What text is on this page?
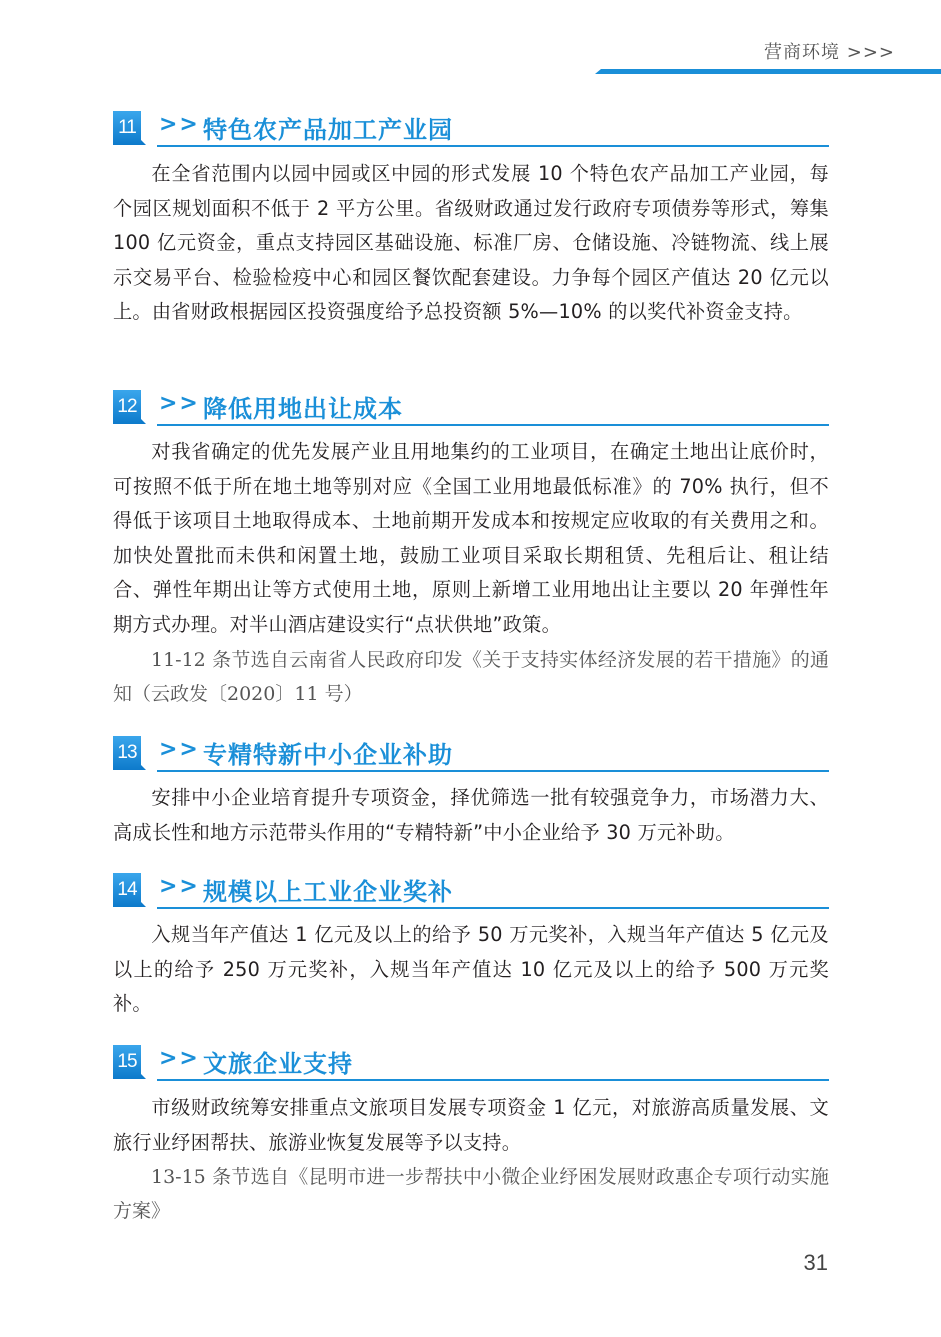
营商环境 >>>
11 >> 特色农产品加工产业园

在全省范围内以园中园或区中园的形式发展 10 个特色农产品加工产业园，每个园区规划面积不低于 2 平方公里。省级财政通过发行政府专项债券等形式，筹集 100 亿元资金，重点支持园区基础设施、标准厂房、仓储设施、冷链物流、线上展示交易平台、检验检疫中心和园区餐饮配套建设。力争每个园区产值达 20 亿元以上。由省财政根据园区投资强度给予总投资额 5%—10% 的以奖代补资金支持。

12 >> 降低用地出让成本

对我省确定的优先发展产业且用地集约的工业项目，在确定土地出让底价时，可按照不低于所在地土地等别对应《全国工业用地最低标准》的 70% 执行，但不得低于该项目土地取得成本、土地前期开发成本和按规定应收取的有关费用之和。加快处置批而未供和闲置土地，鼓励工业项目采取长期租赁、先租后让、租让结合、弹性年期出让等方式使用土地，原则上新增工业用地出让主要以 20 年弹性年期方式办理。对半山酒店建设实行“点状供地”政策。

11-12 条节选自云南省人民政府印发《关于支持实体经济发展的若干措施》的通知（云政发〔2020〕11 号）

13 >> 专精特新中小企业补助

安排中小企业培育提升专项资金，择优筛选一批有较强竞争力，市场潜力大、高成长性和地方示范带头作用的“专精特新”中小企业给予 30 万元补助。

14 >> 规模以上工业企业奖补

入规当年产值达 1 亿元及以上的给予 50 万元奖补，入规当年产值达 5 亿元及以上的给予 250 万元奖补，入规当年产值达 10 亿元及以上的给予 500 万元奖补。

15 >> 文旅企业支持

市级财政统筹安排重点文旅项目发展专项资金 1 亿元，对旅游高质量发展、文旅行业纾困帮扶、旅游业恢复发展等予以支持。

13-15 条节选自《昆明市进一步帮扶中小微企业纾困发展财政惠企专项行动实施方案》

31
